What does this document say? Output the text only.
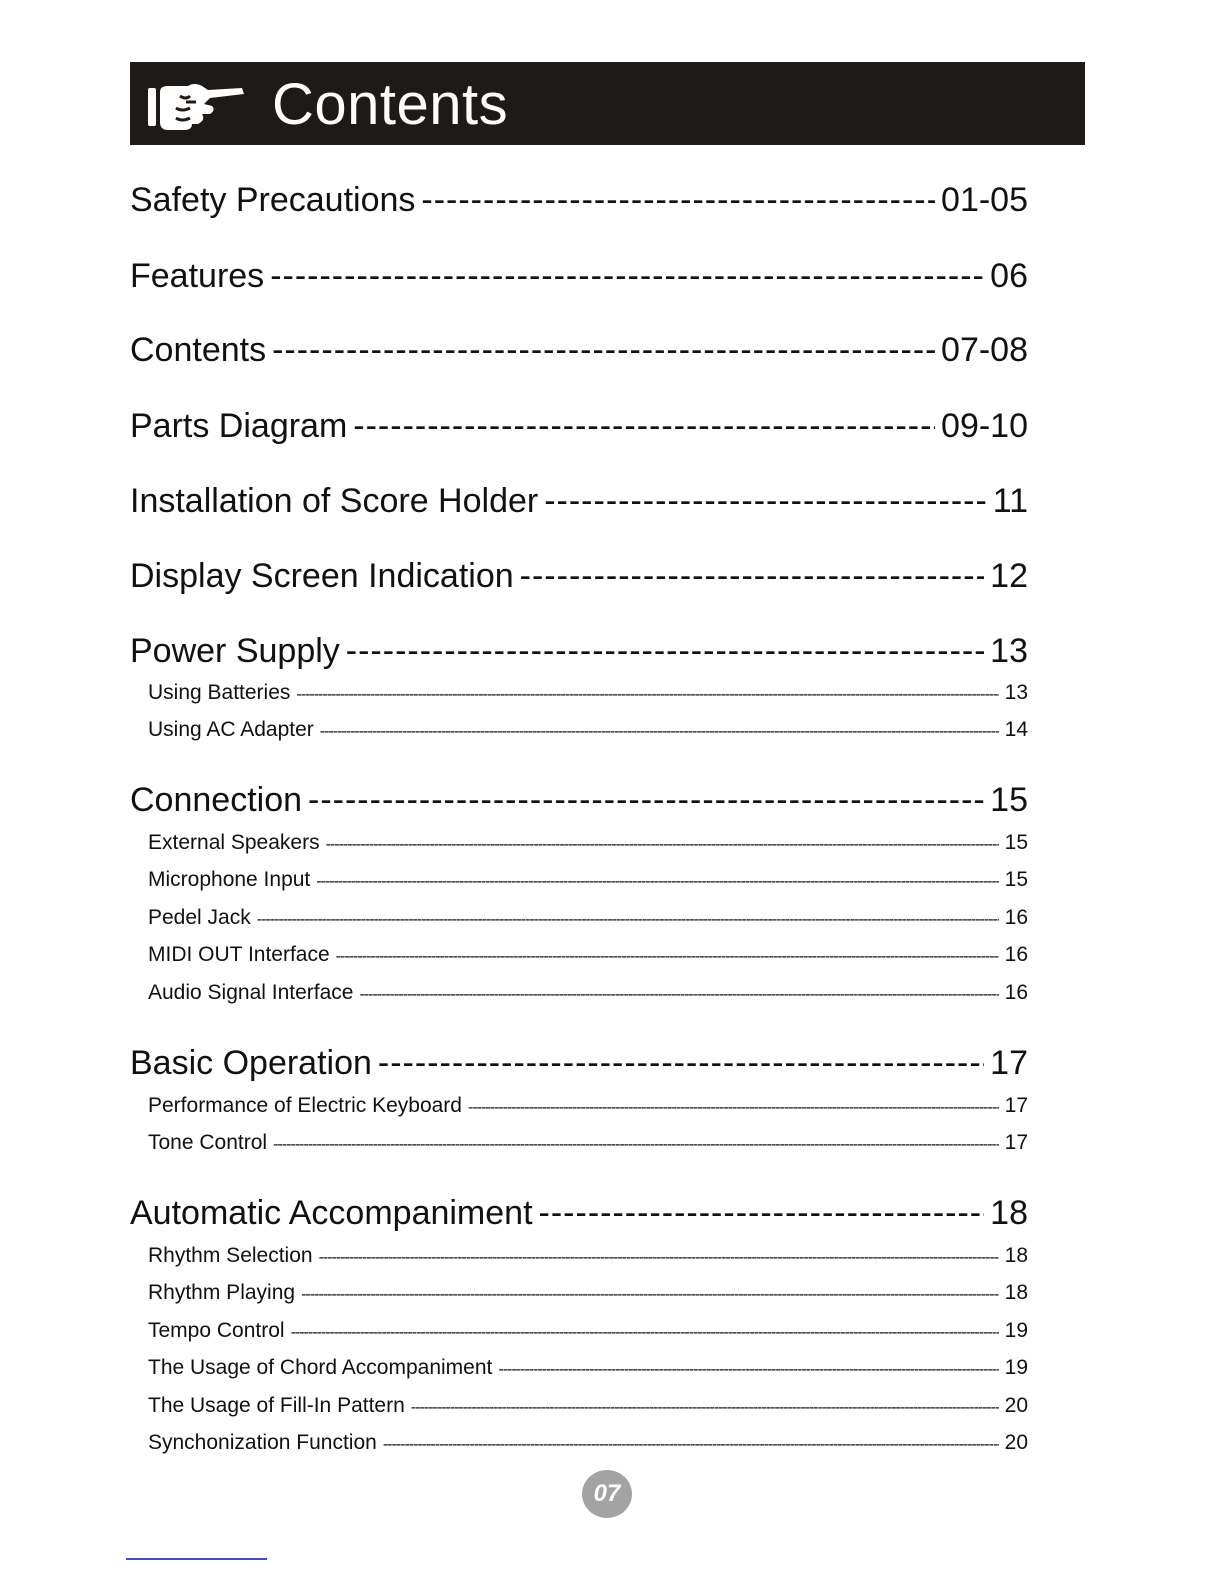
Contents
Safety Precautions -----	01-05
Features -----	06
Contents -----	07-08
Parts Diagram -----	09-10
Installation of Score Holder -----	11
Display Screen Indication -----	12
Power Supply -----	13
Using Batteries -----	13
Using AC Adapter -----	14
Connection -----	15
External Speakers -----	15
Microphone Input -----	15
Pedel Jack -----	16
MIDI OUT Interface -----	16
Audio Signal Interface -----	16
Basic Operation -----	17
Performance of Electric Keyboard -----	17
Tone Control -----	17
Automatic Accompaniment -----	18
Rhythm Selection -----	18
Rhythm Playing -----	18
Tempo Control -----	19
The Usage of Chord Accompaniment -----	19
The Usage of Fill-In Pattern -----	20
Synchonization Function -----	20
07
